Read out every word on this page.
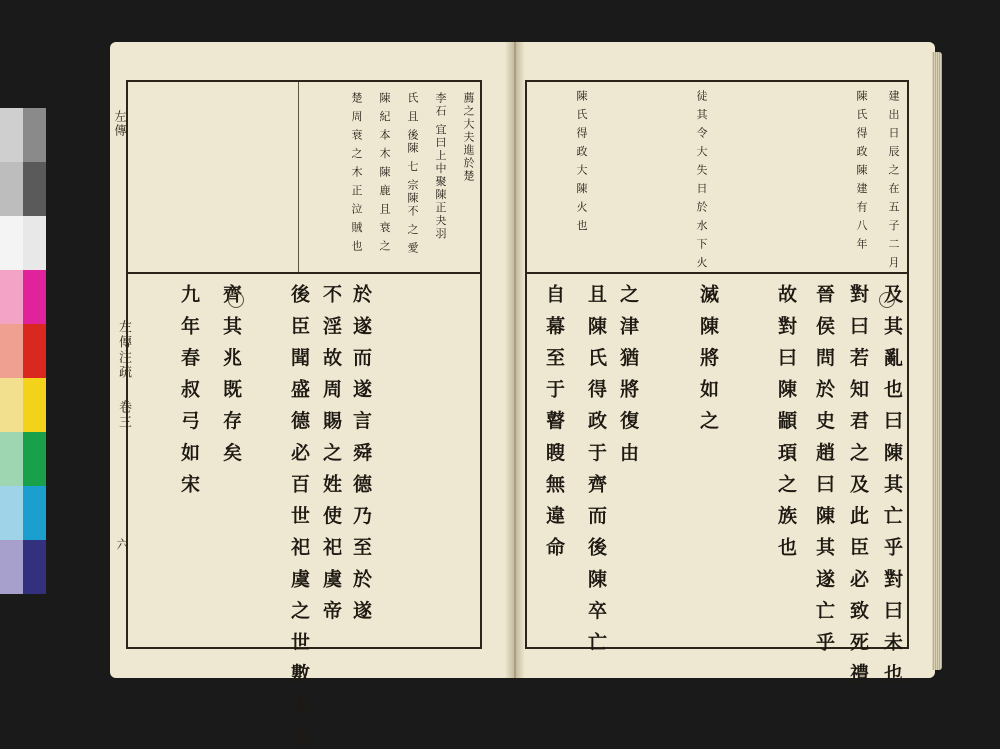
左傳
左傳注疏
卷三
六
薦之大夫進於楚
李石 宜曰上中聚陳正夬羽
氏 且 後陳 七 宗陳不 之 愛
陳 紀 本 木 陳 鹿 且 衰 之
楚 周 衰 之 木 正 泣 賊 也
於 遂 而 遂 言 舜 德 乃 至 於 遂
不 淫 故 周 賜 之 姓 使 祀 虞 帝
後 臣 聞 盛 德 必 百 世 祀 虞 之 世 數 未 也
齊 其 兆 既 存 矣
九 年 春 叔 弓 如 宋
建 出 日 辰 之 在 五 子 二 月
陳 氏 得 政 陳 建 有 八 年
徒 其 令 大 失 日 於 水 下 火
陳 氏 得 政 大 陳 火 也
及 其 亂 也 曰 陳 其 亡 乎 對 曰 未 也
對 曰 若 知 君 之 及 此 臣 必 致 死 禮
晉 侯 問 於 史 趙 曰 陳 其 遂 亡 乎
故 對 曰 陳 顓 頊 之 族 也
滅 陳 將 如 之
之 津 猶 將 復 由
且 陳 氏 得 政 于 齊 而 後 陳 卒 亡
自 幕 至 于 瞽 瞍 無 違 命
